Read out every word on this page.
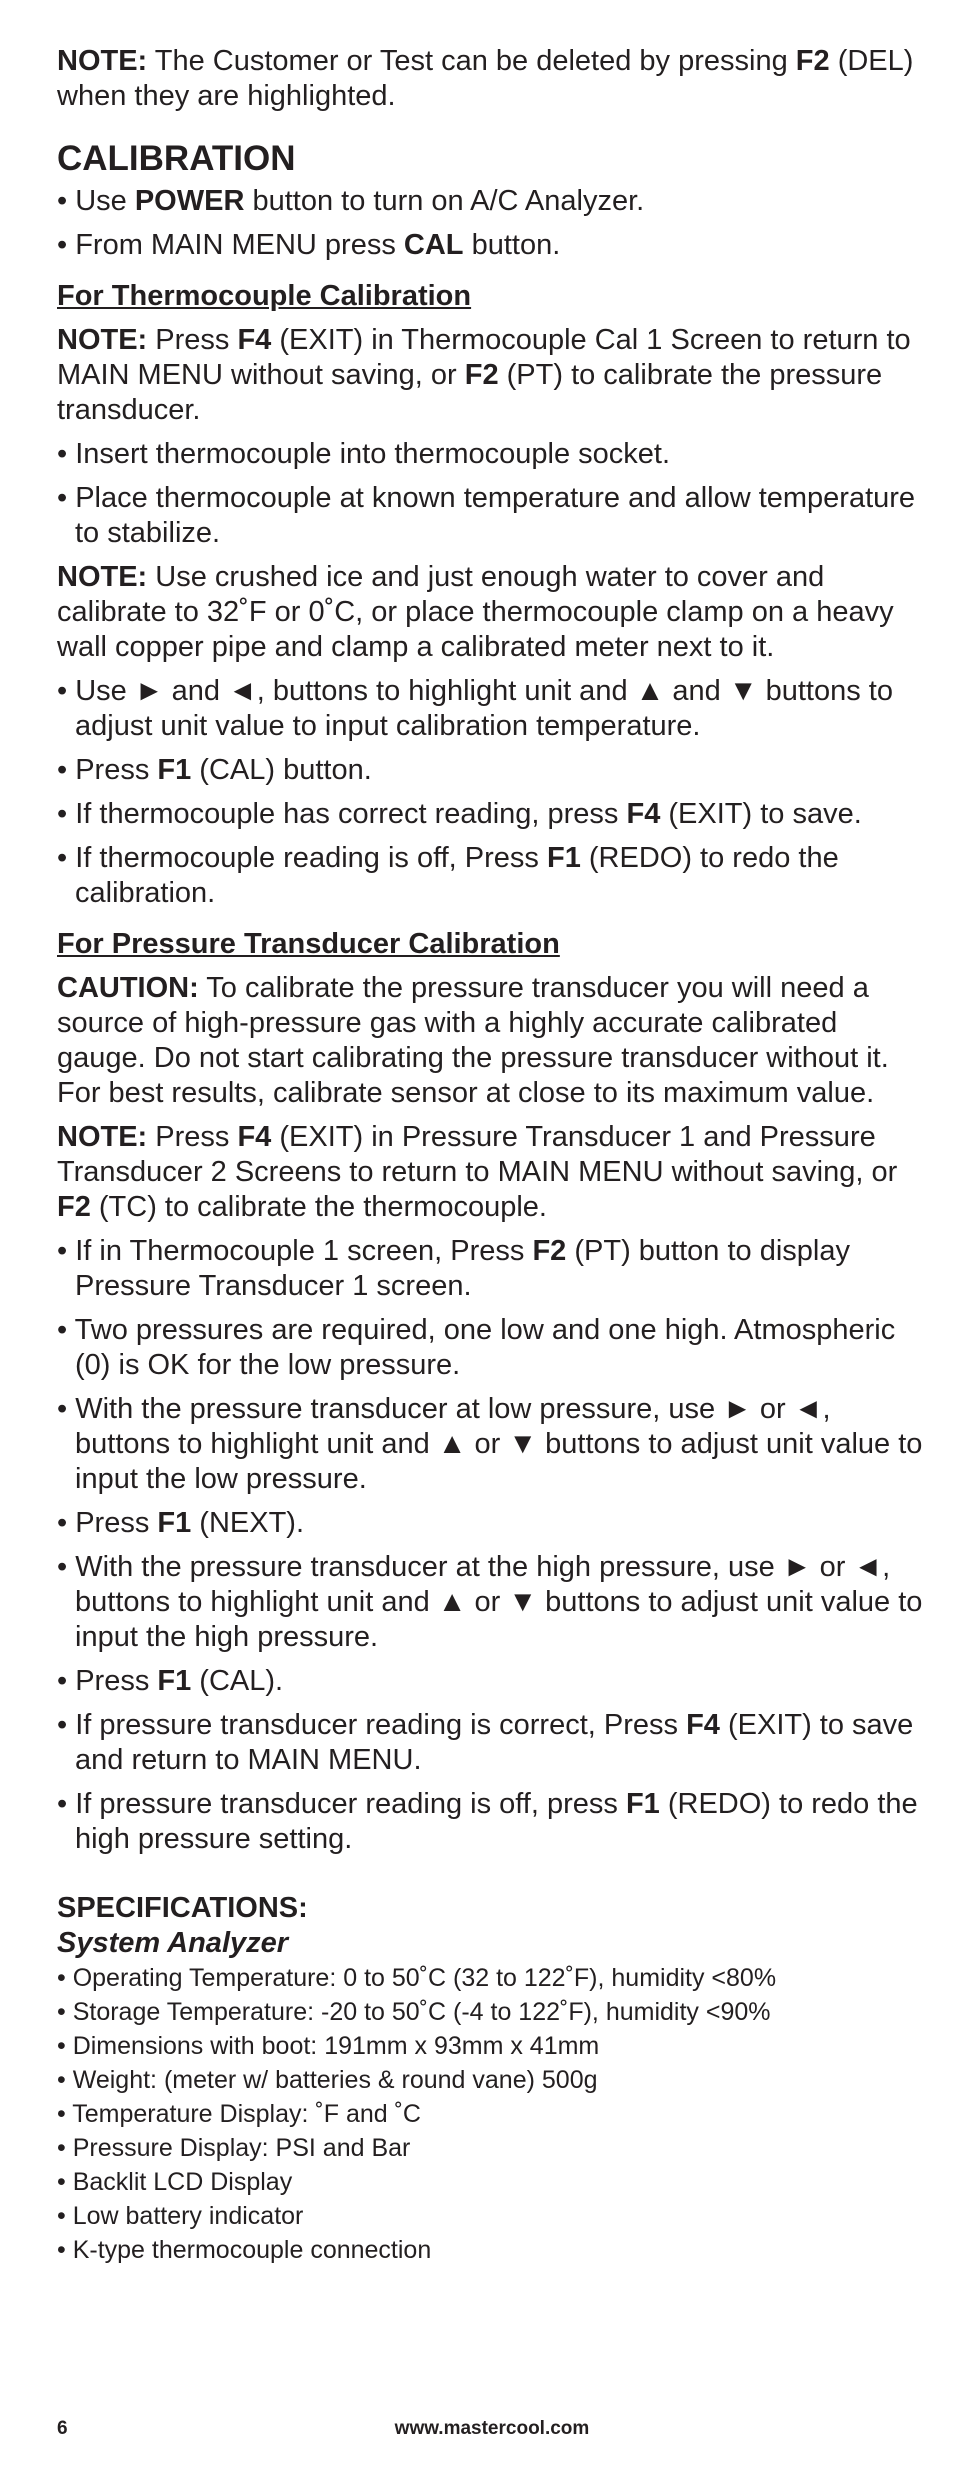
NOTE: The Customer or Test can be deleted by pressing F2 (DEL) when they are highlighted.

CALIBRATION

• Use POWER button to turn on A/C Analyzer.

• From MAIN MENU press CAL button.

For Thermocouple Calibration

NOTE: Press F4 (EXIT) in Thermocouple Cal 1 Screen to return to MAIN MENU without saving, or F2 (PT) to calibrate the pressure transducer.

• Insert thermocouple into thermocouple socket.

• Place thermocouple at known temperature and allow temperature to stabilize.

NOTE: Use crushed ice and just enough water to cover and calibrate to 32˚F or 0˚C, or place thermocouple clamp on a heavy wall copper pipe and clamp a calibrated meter next to it.

• Use ► and ◄, buttons to highlight unit and ▲ and ▼ buttons to adjust unit value to input calibration temperature.

• Press F1 (CAL) button.

• If thermocouple has correct reading, press F4 (EXIT) to save.

• If thermocouple reading is off, Press F1 (REDO) to redo the calibration.

For Pressure Transducer Calibration

CAUTION: To calibrate the pressure transducer you will need a source of high-pressure gas with a highly accurate calibrated gauge. Do not start calibrating the pressure transducer without it. For best results, calibrate sensor at close to its maximum value.

NOTE: Press F4 (EXIT) in Pressure Transducer 1 and Pressure Transducer 2 Screens to return to MAIN MENU without saving, or F2 (TC) to calibrate the thermocouple.

• If in Thermocouple 1 screen, Press F2 (PT) button to display Pressure Transducer 1 screen.

• Two pressures are required, one low and one high. Atmospheric (0) is OK for the low pressure.

• With the pressure transducer at low pressure, use ► or ◄, buttons to highlight unit and ▲ or ▼ buttons to adjust unit value to input the low pressure.

• Press F1 (NEXT).

• With the pressure transducer at the high pressure, use ► or ◄, buttons to highlight unit and ▲ or ▼ buttons to adjust unit value to input the high pressure.

• Press F1 (CAL).

• If pressure transducer reading is correct, Press F4 (EXIT) to save and return to MAIN MENU.

• If pressure transducer reading is off, press F1 (REDO) to redo the high pressure setting.

SPECIFICATIONS:
System Analyzer

• Operating Temperature: 0 to 50˚C (32 to 122˚F), humidity <80%

• Storage Temperature: -20 to 50˚C (-4 to 122˚F), humidity <90%

• Dimensions with boot: 191mm x 93mm x 41mm

• Weight: (meter w/ batteries & round vane) 500g

• Temperature Display: ˚F and ˚C

• Pressure Display: PSI and Bar

• Backlit LCD Display

• Low battery indicator

• K-type thermocouple connection

6	www.mastercool.com
